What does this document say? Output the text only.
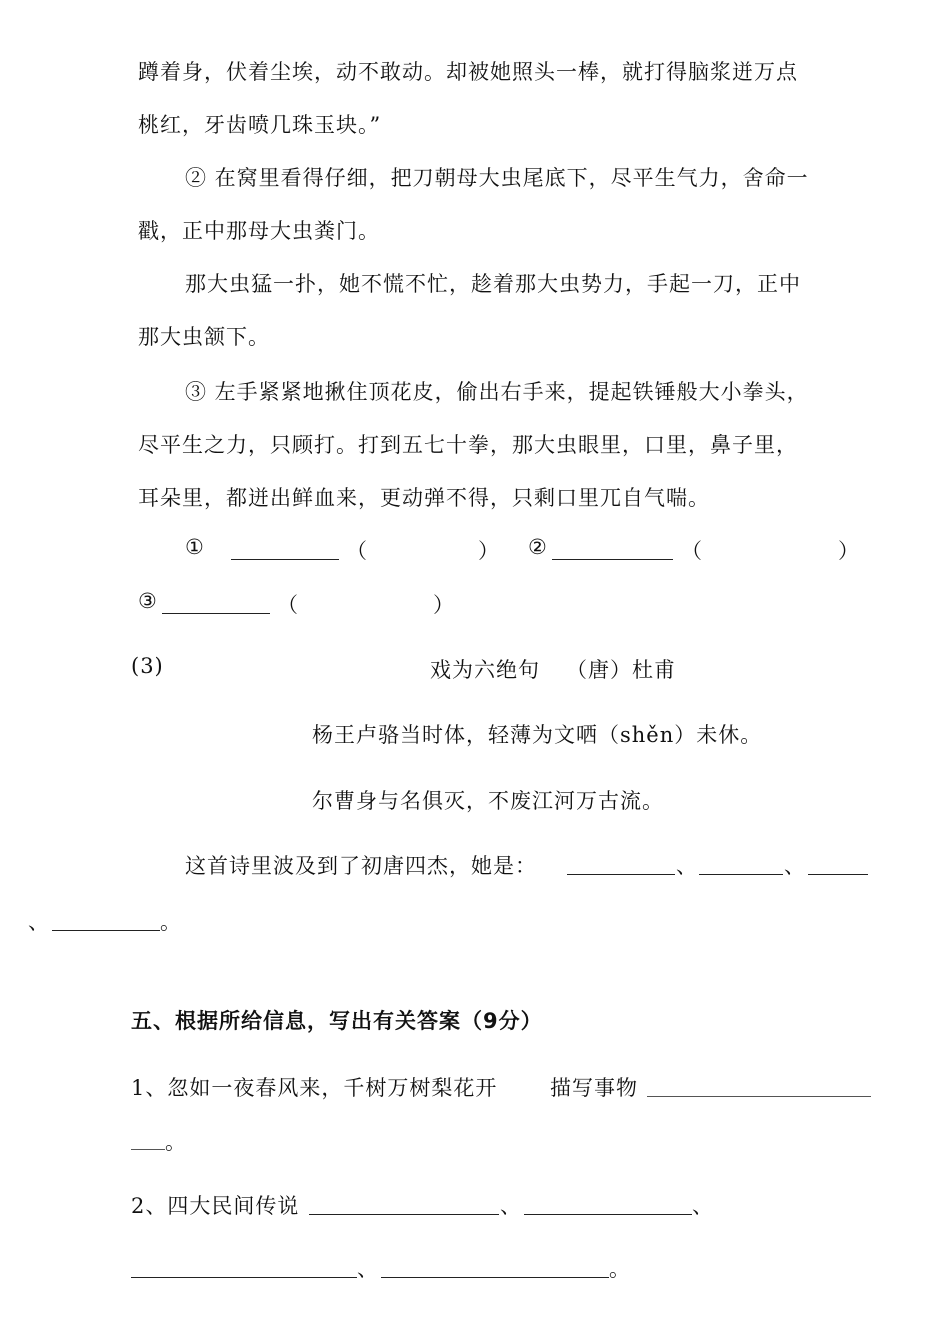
蹲着身，伏着尘埃，动不敢动。却被她照头一棒，就打得脑浆迸万点
桃红，牙齿喷几珠玉块。”
② 在窝里看得仔细，把刀朝母大虫尾底下，尽平生气力，舍命一
戳，正中那母大虫粪门。
那大虫猛一扑，她不慌不忙，趁着那大虫势力，手起一刀，正中
那大虫颔下。
③ 左手紧紧地揪住顶花皮，偷出右手来，提起铁锤般大小拳头，
尽平生之力，只顾打。打到五七十拳，那大虫眼里，口里，鼻子里，
耳朵里，都迸出鲜血来，更动弹不得，只剩口里兀自气喘。
①	（	） ②	（	）
③	（	）
(3)	戏为六绝句 （唐）杜甫
杨王卢骆当时体，轻薄为文哂（shěn）未休。
尔曹身与名俱灭，不废江河万古流。
这首诗里波及到了初唐四杰，她是：	、	、
、	。
五、根据所给信息，写出有关答案（9分）
1、忽如一夜春风来，千树万树梨花开	描写事物
。
2、四大民间传说	、	、
、	。
